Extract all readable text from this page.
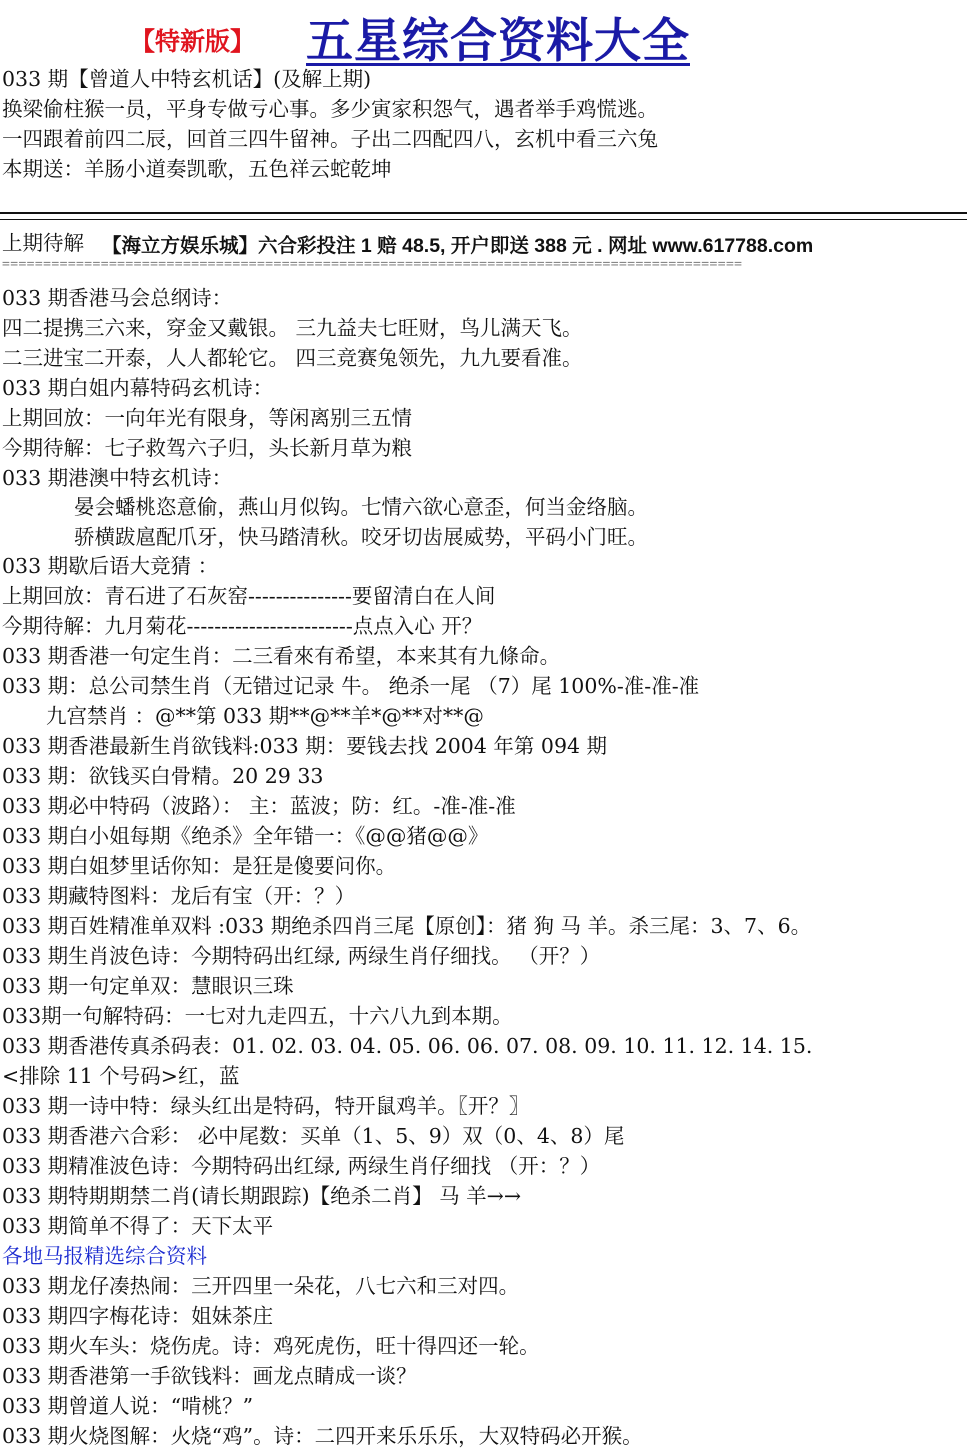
【特新版】 五星综合资料大全
033 期【曾道人中特玄机话】(及解上期)
换梁偷柱猴一员，平身专做亏心事。多少寅家积怨气，遇者举手鸡慌逃。
一四跟着前四二辰，回首三四牛留神。子出二四配四八，玄机中看三六兔
本期送：羊肠小道奏凯歌，五色祥云蛇乾坤
上期待解 【海立方娱乐城】六合彩投注 1 赔 48.5, 开户即送 388 元 . 网址 www.617788.com
==========================================================================================
033 期香港马会总纲诗：
四二提携三六来，穿金又戴银。 三九益夫七旺财，鸟儿满天飞。
二三进宝二开泰，人人都轮它。 四三竞赛兔领先，九九要看准。
033 期白姐内幕特码玄机诗：
上期回放：一向年光有限身，等闲离别三五情
今期待解：七子救驾六子归，头长新月草为粮
033 期港澳中特玄机诗：
晏会蟠桃恣意偷，燕山月似钩。七情六欲心意歪，何当金络脑。
骄横跋扈配爪牙，快马踏清秋。咬牙切齿展威势，平码小门旺。
033 期歇后语大竞猜 ：
上期回放：青石进了石灰窑---------------要留清白在人间
今期待解：九月菊花------------------------点点入心 开？
033 期香港一句定生肖：二三看來有希望，本来其有九條命。
033 期：总公司禁生肖（无错过记录 牛。 绝杀一尾 （7）尾 100%-准-准-准
九宫禁肖 ：@**第 033 期**@**羊*@**对**@
033 期香港最新生肖欲钱料:033 期：要钱去找 2004 年第 094 期
033 期：欲钱买白骨精。20 29 33
033 期必中特码（波路）： 主：蓝波；防：红。-准-准-准
033 期白小姐每期《绝杀》全年错一：《@@猪@@》
033 期白姐梦里话你知：是狂是傻要问你。
033 期藏特图料：龙后有宝（开：？）
033 期百姓精准单双料 :033 期绝杀四肖三尾【原创】：猪 狗 马 羊。杀三尾：3、7、6。
033 期生肖波色诗：今期特码出红绿, 两绿生肖仔细找。 （开？）
033 期一句定单双：慧眼识三珠
033期一句解特码：一七对九走四五，十六八九到本期。
033 期香港传真杀码表：01. 02. 03. 04. 05. 06. 06. 07. 08. 09. 10. 11. 12. 14. 15.
<排除 11 个号码>红，蓝
033 期一诗中特：绿头红出是特码，特开鼠鸡羊。〖开？〗
033 期香港六合彩： 必中尾数：买单（1、5、9）双（0、4、8）尾
033 期精准波色诗：今期特码出红绿, 两绿生肖仔细找 （开：？）
033 期特期期禁二肖(请长期跟踪)【绝杀二肖】 马 羊→→
033 期简单不得了：天下太平
各地马报精选综合资料
033 期龙仔凑热闹：三开四里一朵花，八七六和三对四。
033 期四字梅花诗：姐妹茶庄
033 期火车头：烧伤虎。诗：鸡死虎伤，旺十得四还一轮。
033 期香港第一手欲钱料：画龙点睛成一谈？
033 期曾道人说：“啃桃？”
033 期火烧图解：火烧“鸡”。诗：二四开来乐乐乐，大双特码必开猴。
